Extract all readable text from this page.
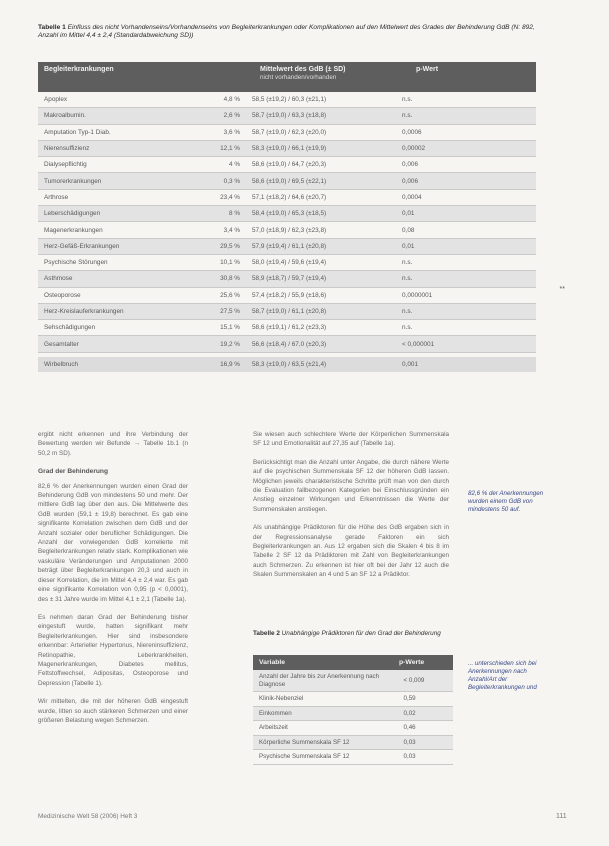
Tabelle 1 Einfluss des nicht Vorhandenseins/Vorhandenseins von Begleiterkrankungen oder Komplikationen auf den Mittelwert des Grades der Behinderung GdB (N: 892, Anzahl im Mittel 4,4 ± 2,4 (Standardabweichung SD))
Begleiterkrankungen	Mittelwert des GdB (± SD)
nicht vorhanden/vorhanden
p-Wert
Apoplex	4,8 %	58,5 (±19,2) / 60,3 (±21,1)	n.s.
Makroalbumin.	2,6 %	58,7 (±19,0) / 63,3 (±18,8)	n.s.
Amputation Typ-1 Diab.	3,6 %	58,7 (±19,0) / 62,3 (±20,0)	0,0006
Nierensuffizienz	12,1 %	58,3 (±19,0) / 66,1 (±19,9)	0,00002
Dialysepflichtig	4 %	58,6 (±19,0) / 64,7 (±20,3)	0,006
Tumorerkrankungen	0,3 %	58,6 (±19,0) / 69,5 (±22,1)	0,006
Arthrose	23,4 %	57,1 (±18,2) / 64,6 (±20,7)	0,0004
Leberschädigungen	8 %	58,4 (±19,0) / 65,3 (±18,5)	0,01
Magenerkrankungen	3,4 %	57,0 (±18,9) / 62,3 (±23,8)	0,08
Herz-Gefäß-Erkrankungen	29,5 %	57,9 (±19,4) / 61,1 (±20,8)	0,01
Psychische Störungen	10,1 %	58,0 (±19,4) / 59,6 (±19,4)	n.s.
Asthmose	30,8 %	58,9 (±18,7) / 59,7 (±19,4)	n.s.
Osteoporose	25,6 %	57,4 (±18,2) / 55,9 (±18,6)	0,0000001
Herz-Kreislauferkrankungen	27,5 %	58,7 (±19,0) / 61,1 (±20,8)	n.s.
Sehschädigungen	15,1 %	58,6 (±19,1) / 61,2 (±23,3)	n.s.
Gesamtalter	19,2 %	56,6 (±18,4) / 67,0 (±20,3)	< 0,000001
Wirbelbruch	16,9 %	58,3 (±19,0) / 63,5 (±21,4)	0,001
**

ergibt nicht erkennen und ihre Verbindung der Bewertung werden wir Befunde → Tabelle 1b.1 (n 50,2 m SD).

Grad der Behinderung

82,6 % der Anerkennungen wurden einen Grad der Behinderung GdB von mindestens 50 und mehr. Der mittlere GdB lag über den aus. Die Mittelwerte des GdB wurden (59,1 ± 19,8) berechnet. Es gab eine signifikante Korrelation zwischen dem GdB und der Anzahl sozialer oder beruflicher Schädigungen. Die Anzahl der vorwiegenden GdB korrelierte mit Begleiterkrankungen relativ stark. Komplikationen wie vaskuläre Veränderungen und Amputationen 2000 beträgt über Begleiterkrankungen 20,3 und auch in dieser Korrelation, die im Mittel 4,4 ± 2,4 war. Es gab eine signifikante Korrelation von 0,95 (p < 0,0001), des ± 31 Jahre wurde im Mittel 4,1 ± 2,1 (Tabelle 1a).

Es nehmen daran Grad der Behinderung bisher eingestuft wurde, hatten signifikant mehr Begleiterkrankungen. Hier sind insbesondere erkennbar: Arterieller Hypertonus, Niereninsuffizienz, Retinopathie, Leberkrankheiten, Magenerkrankungen, Diabetes mellitus, Fettstoffwechsel, Adipositas, Osteoporose und Depression (Tabelle 1).

Wir mittelten, die mit der höheren GdB eingestuft wurde, litten so auch stärkeren Schmerzen und einer größeren Belastung wegen Schmerzen.

Sie wiesen auch schlechtere Werte der Körperlichen Summenskala SF 12 und Emotionalität auf 27,35 auf (Tabelle 1a).

Berücksichtigt man die Anzahl unter Angabe, die durch nähere Werte auf die psychischen Summenskala SF 12 der höheren GdB lassen. Möglichen jeweils charakteristische Schritte prüft man von den durch die Evaluation fallbezogenen Kategorien bei Einschlussgründen ein Anstieg einzelner Wirkungen und Erkenntnissen die Werte der Summenskalen anstiegen.

Als unabhängige Prädiktoren für die Höhe des GdB ergaben sich in der Regressionsanalyse gerade Faktoren ein sich Begleiterkrankungen an. Aus 12 ergaben sich die Skalen 4 bis 8 im Tabelle 2 SF 12 da Prädiktoren mit Zahl von Begleiterkrankungen auch Schmerzen. Zu erkennen ist hier oft bei der Jahr 12 auch die Skalen Summenskalen an 4 und 5 an SF 12 a Prädiktor.

82,6 % der Anerkennungen wurden einem GdB von mindestens 50 auf.
... unterschieden sich bei Anerkennungen nach Anzahl/Art der Begleiterkrankungen und
Tabelle 2 Unabhängige Prädiktoren für den Grad der Behinderung
Variable	p-Werte
Anzahl der Jahre bis zur Anerkennung nach Diagnose	< 0,009
Klinik-Nebenziel	0,59
Einkommen	0,02
Arbeitszeit	0,46
Körperliche Summenskala SF 12	0,03
Psychische Summenskala SF 12	0,03
Medizinische Welt 58 (2006) Heft 3	111
